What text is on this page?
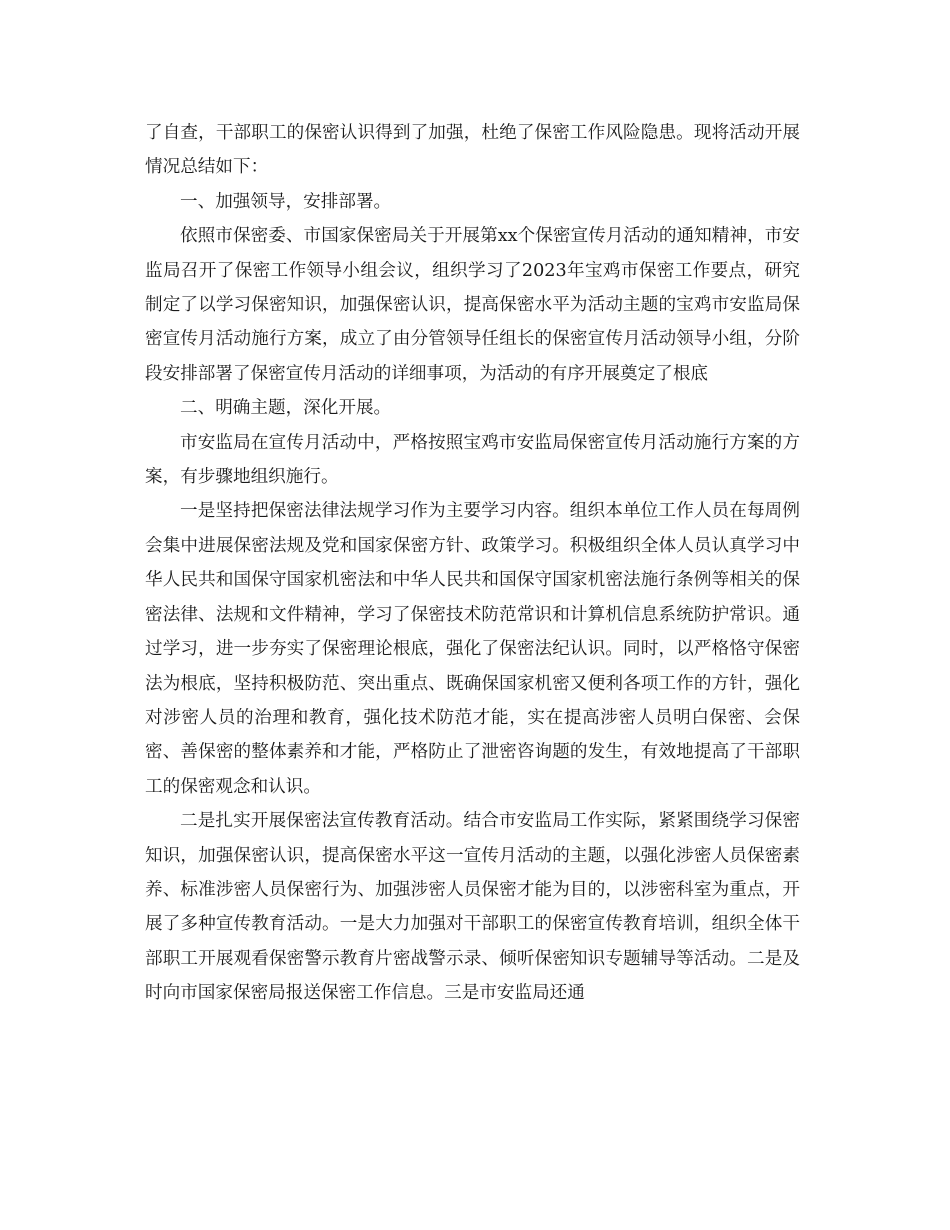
了自查，干部职工的保密认识得到了加强，杜绝了保密工作风险隐患。现将活动开展情况总结如下：

一、加强领导，安排部署。

依照市保密委、市国家保密局关于开展第xx个保密宣传月活动的通知精神，市安监局召开了保密工作领导小组会议，组织学习了2023年宝鸡市保密工作要点，研究制定了以学习保密知识，加强保密认识，提高保密水平为活动主题的宝鸡市安监局保密宣传月活动施行方案，成立了由分管领导任组长的保密宣传月活动领导小组，分阶段安排部署了保密宣传月活动的详细事项，为活动的有序开展奠定了根底

二、明确主题，深化开展。

市安监局在宣传月活动中，严格按照宝鸡市安监局保密宣传月活动施行方案的方案，有步骤地组织施行。

一是坚持把保密法律法规学习作为主要学习内容。组织本单位工作人员在每周例会集中进展保密法规及党和国家保密方针、政策学习。积极组织全体人员认真学习中华人民共和国保守国家机密法和中华人民共和国保守国家机密法施行条例等相关的保密法律、法规和文件精神，学习了保密技术防范常识和计算机信息系统防护常识。通过学习，进一步夯实了保密理论根底，强化了保密法纪认识。同时，以严格恪守保密法为根底，坚持积极防范、突出重点、既确保国家机密又便利各项工作的方针，强化对涉密人员的治理和教育，强化技术防范才能，实在提高涉密人员明白保密、会保密、善保密的整体素养和才能，严格防止了泄密咨询题的发生，有效地提高了干部职工的保密观念和认识。

二是扎实开展保密法宣传教育活动。结合市安监局工作实际，紧紧围绕学习保密知识，加强保密认识，提高保密水平这一宣传月活动的主题，以强化涉密人员保密素养、标准涉密人员保密行为、加强涉密人员保密才能为目的，以涉密科室为重点，开展了多种宣传教育活动。一是大力加强对干部职工的保密宣传教育培训，组织全体干部职工开展观看保密警示教育片密战警示录、倾听保密知识专题辅导等活动。二是及时向市国家保密局报送保密工作信息。三是市安监局还通
